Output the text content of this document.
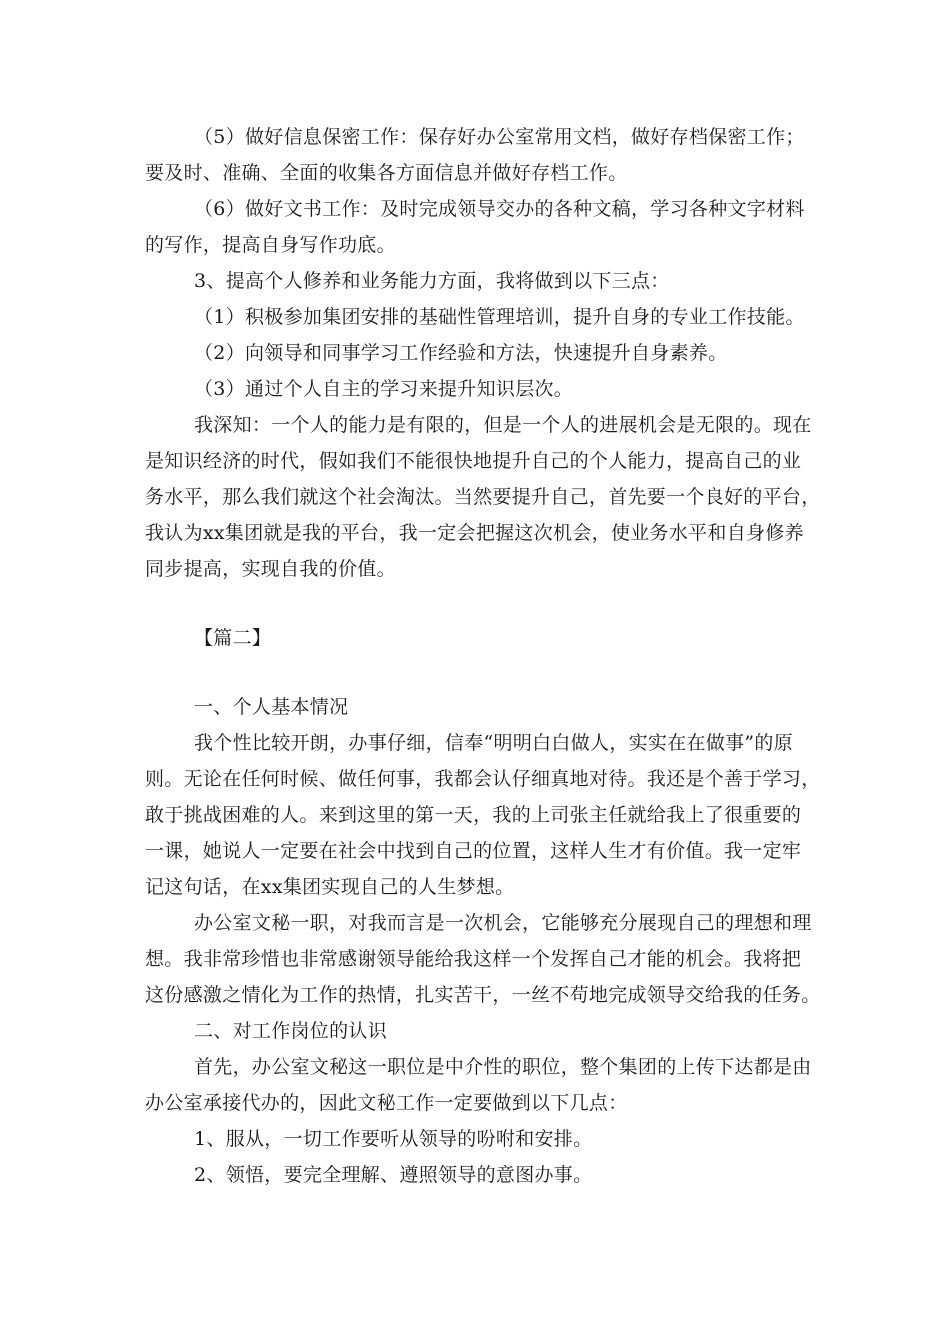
（5）做好信息保密工作：保存好办公室常用文档，做好存档保密工作；
要及时、准确、全面的收集各方面信息并做好存档工作。
（6）做好文书工作：及时完成领导交办的各种文稿，学习各种文字材料
的写作，提高自身写作功底。
3、提高个人修养和业务能力方面，我将做到以下三点：
（1）积极参加集团安排的基础性管理培训，提升自身的专业工作技能。
（2）向领导和同事学习工作经验和方法，快速提升自身素养。
（3）通过个人自主的学习来提升知识层次。
我深知：一个人的能力是有限的，但是一个人的进展机会是无限的。现在
是知识经济的时代，假如我们不能很快地提升自己的个人能力，提高自己的业
务水平，那么我们就这个社会淘汰。当然要提升自己，首先要一个良好的平台，
我认为xx集团就是我的平台，我一定会把握这次机会，使业务水平和自身修养
同步提高，实现自我的价值。
【篇二】
一、个人基本情况
我个性比较开朗，办事仔细，信奉“明明白白做人，实实在在做事”的原
则。无论在任何时候、做任何事，我都会认仔细真地对待。我还是个善于学习，
敢于挑战困难的人。来到这里的第一天，我的上司张主任就给我上了很重要的
一课，她说人一定要在社会中找到自己的位置，这样人生才有价值。我一定牢
记这句话，在xx集团实现自己的人生梦想。
办公室文秘一职，对我而言是一次机会，它能够充分展现自己的理想和理
想。我非常珍惜也非常感谢领导能给我这样一个发挥自己才能的机会。我将把
这份感激之情化为工作的热情，扎实苦干，一丝不苟地完成领导交给我的任务。
二、对工作岗位的认识
首先，办公室文秘这一职位是中介性的职位，整个集团的上传下达都是由
办公室承接代办的，因此文秘工作一定要做到以下几点：
1、服从，一切工作要听从领导的吩咐和安排。
2、领悟，要完全理解、遵照领导的意图办事。
